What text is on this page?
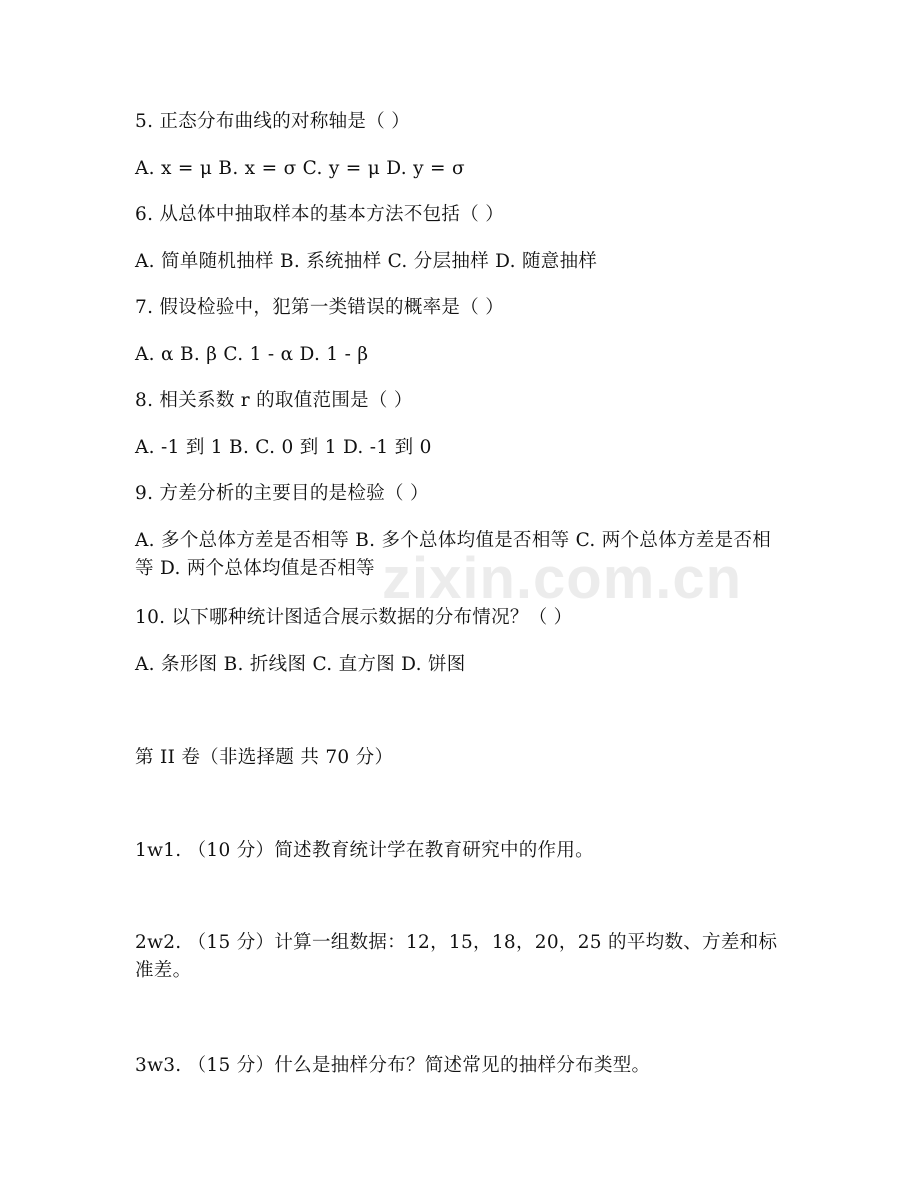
5. 正态分布曲线的对称轴是（ ）
A. x = μ B. x = σ C. y = μ D. y = σ
6. 从总体中抽取样本的基本方法不包括（ ）
A. 简单随机抽样 B. 系统抽样 C. 分层抽样 D. 随意抽样
7. 假设检验中，犯第一类错误的概率是（ ）
A. α B. β C. 1 - α D. 1 - β
8. 相关系数 r 的取值范围是（ ）
A. -1 到 1 B. C. 0 到 1 D. -1 到 0
9. 方差分析的主要目的是检验（ ）
A. 多个总体方差是否相等 B. 多个总体均值是否相等 C. 两个总体方差是否相等 D. 两个总体均值是否相等
10. 以下哪种统计图适合展示数据的分布情况？（ ）
A. 条形图 B. 折线图 C. 直方图 D. 饼图
第 II 卷（非选择题 共 70 分）
1w1. （10 分）简述教育统计学在教育研究中的作用。
2w2. （15 分）计算一组数据：12，15，18，20，25 的平均数、方差和标准差。
3w3. （15 分）什么是抽样分布？简述常见的抽样分布类型。
zixin.com.cn
